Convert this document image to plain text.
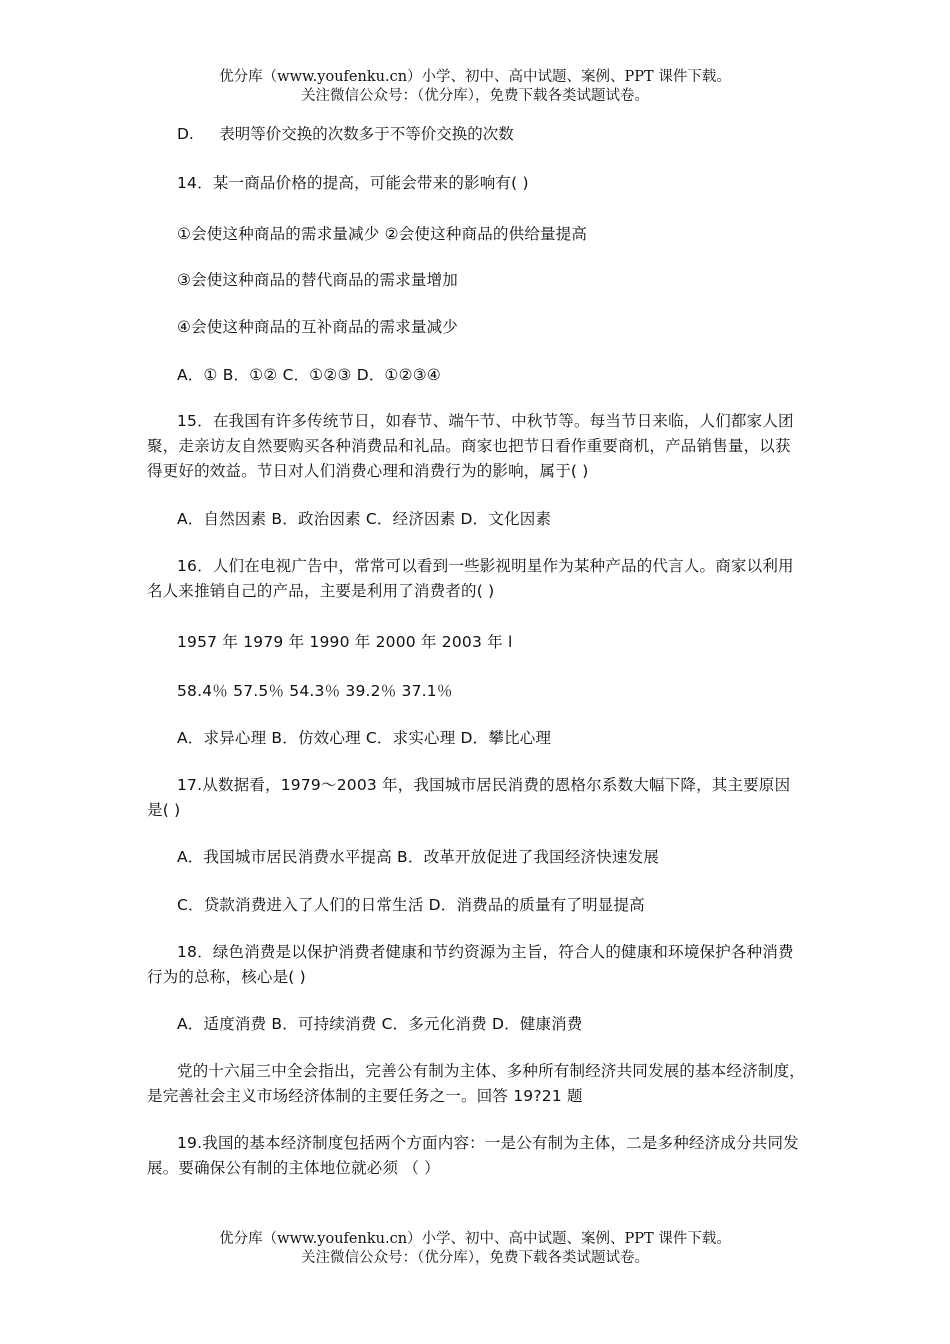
优分库（www.youfenku.cn）小学、初中、高中试题、案例、PPT 课件下载。
关注微信公众号：（优分库），免费下载各类试题试卷。
D.　  表明等价交换的次数多于不等价交换的次数

14．某一商品价格的提高，可能会带来的影响有( )

①会使这种商品的需求量减少 ②会使这种商品的供给量提高

③会使这种商品的替代商品的需求量增加

④会使这种商品的互补商品的需求量减少

A．① B．①② C．①②③ D．①②③④

15．在我国有许多传统节日，如春节、端午节、中秋节等。每当节日来临，人们都家人团聚，走亲访友自然要购买各种消费品和礼品。商家也把节日看作重要商机，产品销售量，以获得更好的效益。节日对人们消费心理和消费行为的影响，属于( )

A．自然因素 B．政治因素 C．经济因素 D．文化因素

16．人们在电视广告中，常常可以看到一些影视明星作为某种产品的代言人。商家以利用名人来推销自己的产品，主要是利用了消费者的( )

1957 年 1979 年 1990 年 2000 年 2003 年 l

58.4％ 57.5％ 54.3％ 39.2％ 37.1％

A．求异心理 B．仿效心理 C．求实心理 D．攀比心理

17.从数据看，1979～2003 年，我国城市居民消费的恩格尔系数大幅下降，其主要原因是( )

A．我国城市居民消费水平提高 B．改革开放促进了我国经济快速发展

C．贷款消费进入了人们的日常生活 D．消费品的质量有了明显提高

18．绿色消费是以保护消费者健康和节约资源为主旨，符合人的健康和环境保护各种消费行为的总称，核心是( )

A．适度消费 B．可持续消费 C．多元化消费 D．健康消费

党的十六届三中全会指出，完善公有制为主体、多种所有制经济共同发展的基本经济制度，是完善社会主义市场经济体制的主要任务之一。回答 19?21 题

19.我国的基本经济制度包括两个方面内容：一是公有制为主体，二是多种经济成分共同发展。要确保公有制的主体地位就必须 （ ）

优分库（www.youfenku.cn）小学、初中、高中试题、案例、PPT 课件下载。
关注微信公众号：（优分库），免费下载各类试题试卷。
